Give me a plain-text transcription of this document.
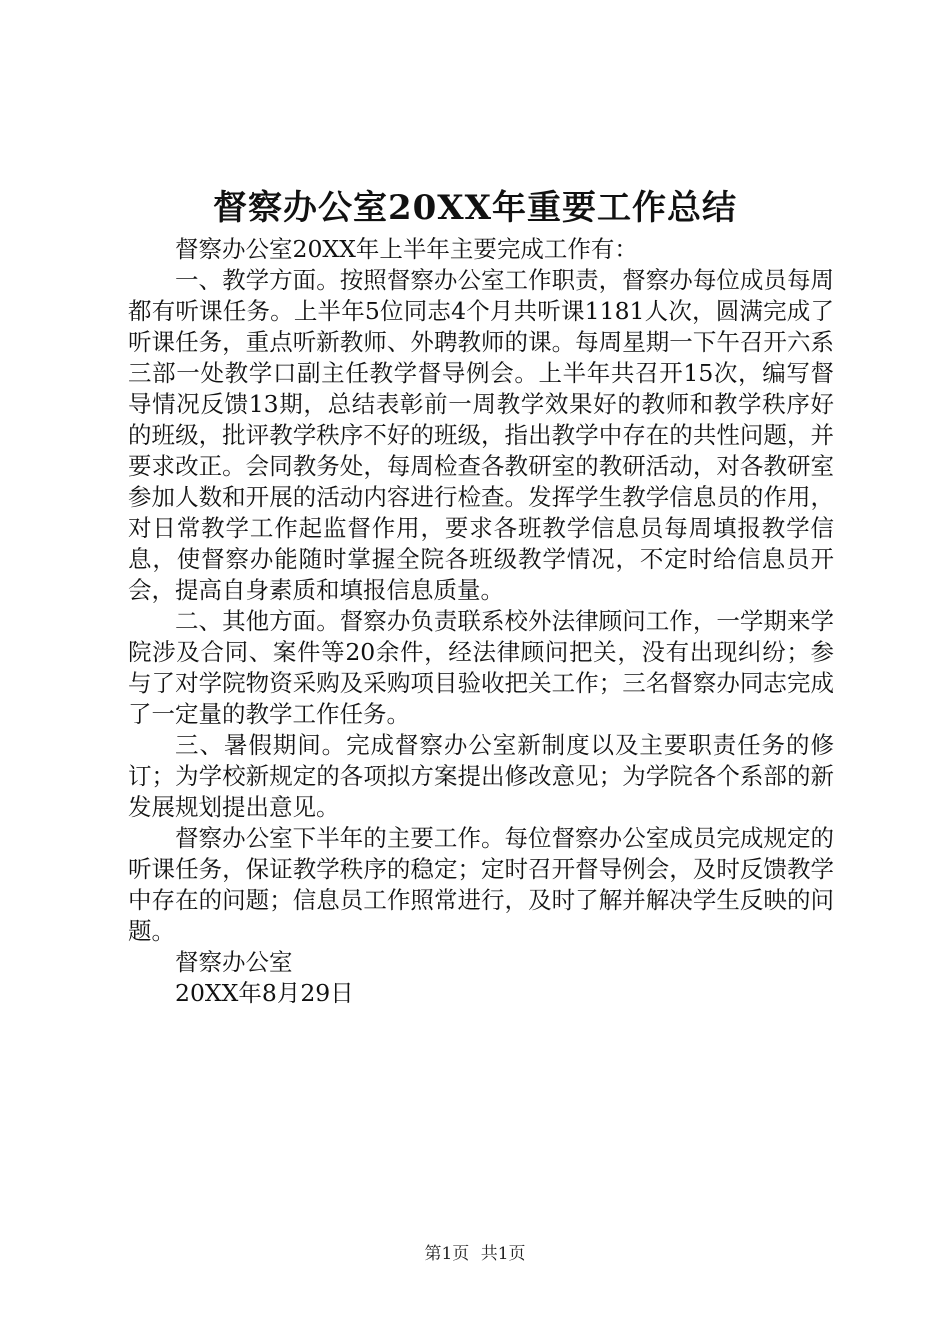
督察办公室20XX年重要工作总结

督察办公室20XX年上半年主要完成工作有：

一、教学方面。按照督察办公室工作职责，督察办每位成员每周都有听课任务。上半年5位同志4个月共听课1181人次，圆满完成了听课任务，重点听新教师、外聘教师的课。每周星期一下午召开六系三部一处教学口副主任教学督导例会。上半年共召开15次，编写督导情况反馈13期，总结表彰前一周教学效果好的教师和教学秩序好的班级，批评教学秩序不好的班级，指出教学中存在的共性问题，并要求改正。会同教务处，每周检查各教研室的教研活动，对各教研室参加人数和开展的活动内容进行检查。发挥学生教学信息员的作用，对日常教学工作起监督作用，要求各班教学信息员每周填报教学信息，使督察办能随时掌握全院各班级教学情况，不定时给信息员开会，提高自身素质和填报信息质量。

二、其他方面。督察办负责联系校外法律顾问工作，一学期来学院涉及合同、案件等20余件，经法律顾问把关，没有出现纠纷；参与了对学院物资采购及采购项目验收把关工作；三名督察办同志完成了一定量的教学工作任务。

三、暑假期间。完成督察办公室新制度以及主要职责任务的修订；为学校新规定的各项拟方案提出修改意见；为学院各个系部的新发展规划提出意见。

督察办公室下半年的主要工作。每位督察办公室成员完成规定的听课任务，保证教学秩序的稳定；定时召开督导例会，及时反馈教学中存在的问题；信息员工作照常进行，及时了解并解决学生反映的问题。

督察办公室

20XX年8月29日

第1页 共1页
